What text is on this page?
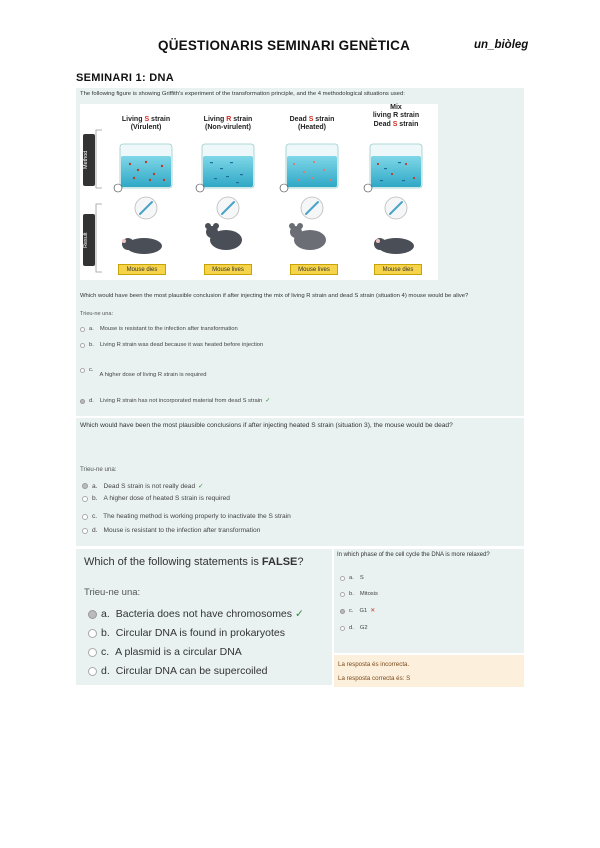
QÜESTIONARIS SEMINARI GENÈTICA	un_biòleg
SEMINARI 1: DNA
The following figure is showing Griffith's experiment of the transformation principle, and the 4 methodological situations used:
Method
Result
Living S strain
(Virulent)
Living R strain
(Non-virulent)
Dead S strain
(Heated)
Mix
living R strain
Dead S strain
Mouse dies	Mouse lives	Mouse lives	Mouse dies
Which would have been the most plausible conclusion if after injecting the mix of living R strain and dead S strain (situation 4) mouse would be alive?
Trieu-ne una:
a. Mouse is resistant to the infection after transformation
b. Living R strain was dead because it was heated before injection
c.
A higher dose of living R strain is required
d. Living R strain has not incorporated material from dead S strain ✓
Which would have been the most plausible conclusions if after injecting heated S strain (situation 3), the mouse would be dead?
Trieu-ne una:
a. Dead S strain is not really dead ✓
b. A higher dose of heated S strain is required
c. The heating method is working properly to inactivate the S strain
d. Mouse is resistant to the infection after transformation
Which of the following statements is FALSE?
Trieu-ne una:
a. Bacteria does not have chromosomes ✓
b. Circular DNA is found in prokaryotes
c. A plasmid is a circular DNA
d. Circular DNA can be supercoiled
In which phase of the cell cycle the DNA is more relaxed?
a. S
b. Mitosis
c. G1 ✕
d. G2
La resposta és incorrecta.
La resposta correcta és: S
